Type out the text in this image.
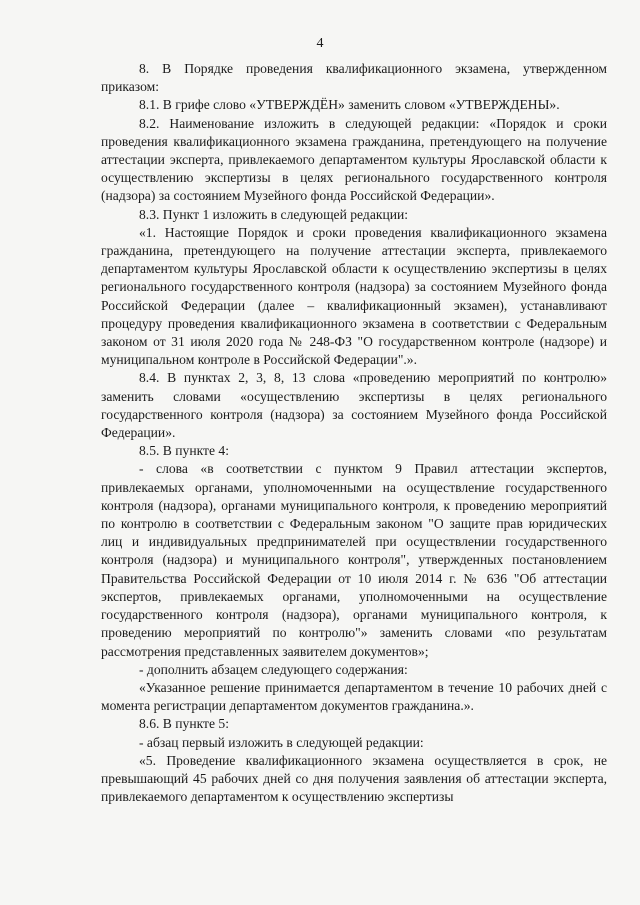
4

8. В Порядке проведения квалификационного экзамена, утвержденном приказом:

8.1. В грифе слово «УТВЕРЖДЁН» заменить словом «УТВЕРЖДЕНЫ».

8.2. Наименование изложить в следующей редакции: «Порядок и сроки проведения квалификационного экзамена гражданина, претендующего на получение аттестации эксперта, привлекаемого департаментом культуры Ярославской области к осуществлению экспертизы в целях регионального государственного контроля (надзора) за состоянием Музейного фонда Российской Федерации».

8.3. Пункт 1 изложить в следующей редакции:

«1. Настоящие Порядок и сроки проведения квалификационного экзамена гражданина, претендующего на получение аттестации эксперта, привлекаемого департаментом культуры Ярославской области к осуществлению экспертизы в целях регионального государственного контроля (надзора) за состоянием Музейного фонда Российской Федерации (далее – квалификационный экзамен), устанавливают процедуру проведения квалификационного экзамена в соответствии с Федеральным законом от 31 июля 2020 года № 248-ФЗ "О государственном контроле (надзоре) и муниципальном контроле в Российской Федерации".».

8.4. В пунктах 2, 3, 8, 13 слова «проведению мероприятий по контролю» заменить словами «осуществлению экспертизы в целях регионального государственного контроля (надзора) за состоянием Музейного фонда Российской Федерации».

8.5. В пункте 4:

- слова «в соответствии с пунктом 9 Правил аттестации экспертов, привлекаемых органами, уполномоченными на осуществление государственного контроля (надзора), органами муниципального контроля, к проведению мероприятий по контролю в соответствии с Федеральным законом "О защите прав юридических лиц и индивидуальных предпринимателей при осуществлении государственного контроля (надзора) и муниципального контроля", утвержденных постановлением Правительства Российской Федерации от 10 июля 2014 г. № 636 "Об аттестации экспертов, привлекаемых органами, уполномоченными на осуществление государственного контроля (надзора), органами муниципального контроля, к проведению мероприятий по контролю"» заменить словами «по результатам рассмотрения представленных заявителем документов»;

- дополнить абзацем следующего содержания:

«Указанное решение принимается департаментом в течение 10 рабочих дней с момента регистрации департаментом документов гражданина.».

8.6. В пункте 5:

- абзац первый изложить в следующей редакции:

«5. Проведение квалификационного экзамена осуществляется в срок, не превышающий 45 рабочих дней со дня получения заявления об аттестации эксперта, привлекаемого департаментом к осуществлению экспертизы
